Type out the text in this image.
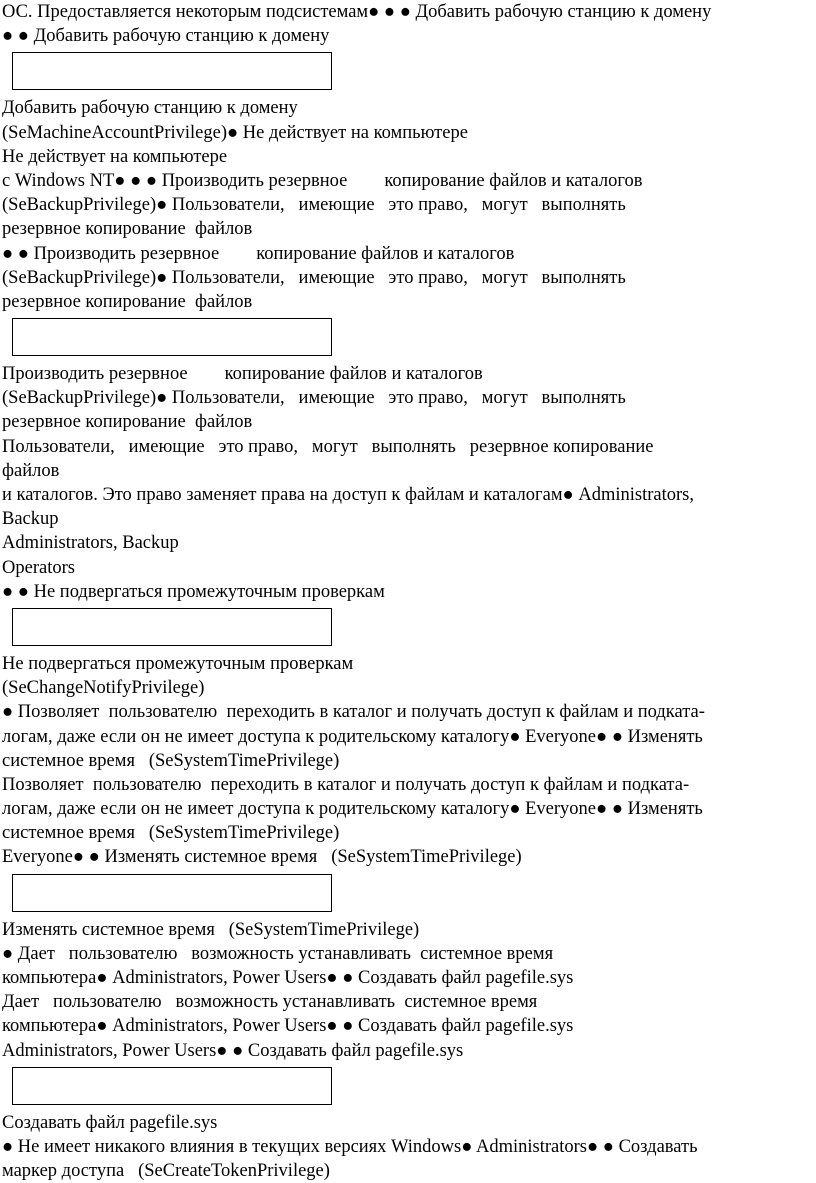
ОС. Предоставляется некоторым подсистемам● ● ● Добавить рабочую станцию к домену
● ● Добавить рабочую станцию к домену
Добавить рабочую станцию к домену
(SeMachineAccountPrivilege)● Не действует на компьютере
Не действует на компьютере
с Windows NT● ● ● Производить резервное        копирование файлов и каталогов
(SeBackupPrivilege)● Пользователи,   имеющие   это право,   могут   выполнять
резервное копирование  файлов
● ● Производить резервное        копирование файлов и каталогов
(SeBackupPrivilege)● Пользователи,   имеющие   это право,   могут   выполнять
резервное копирование  файлов
Производить резервное        копирование файлов и каталогов
(SeBackupPrivilege)● Пользователи,   имеющие   это право,   могут   выполнять
резервное копирование  файлов
Пользователи,   имеющие   это право,   могут   выполнять   резервное копирование
файлов
и каталогов. Это право заменяет права на доступ к файлам и каталогам● Administrators,
Backup
Administrators, Backup
Operators
● ● Не подвергаться промежуточным проверкам
Не подвергаться промежуточным проверкам
(SeChangeNotifyPrivilege)
● Позволяет  пользователю  переходить в каталог и получать доступ к файлам и подката-
логам, даже если он не имеет доступа к родительскому каталогу● Everyone● ● Изменять
системное время   (SeSystemTimePrivilege)
Позволяет  пользователю  переходить в каталог и получать доступ к файлам и подката-
логам, даже если он не имеет доступа к родительскому каталогу● Everyone● ● Изменять
системное время   (SeSystemTimePrivilege)
Everyone● ● Изменять системное время   (SeSystemTimePrivilege)
Изменять системное время   (SeSystemTimePrivilege)
● Дает   пользователю   возможность устанавливать  системное время
компьютера● Administrators, Power Users● ● Создавать файл pagefile.sys
Дает   пользователю   возможность устанавливать  системное время
компьютера● Administrators, Power Users● ● Создавать файл pagefile.sys
Administrators, Power Users● ● Создавать файл pagefile.sys
Создавать файл pagefile.sys
● Не имеет никакого влияния в текущих версиях Windows● Administrators● ● Создавать
маркер доступа   (SeCreateTokenPrivilege)
